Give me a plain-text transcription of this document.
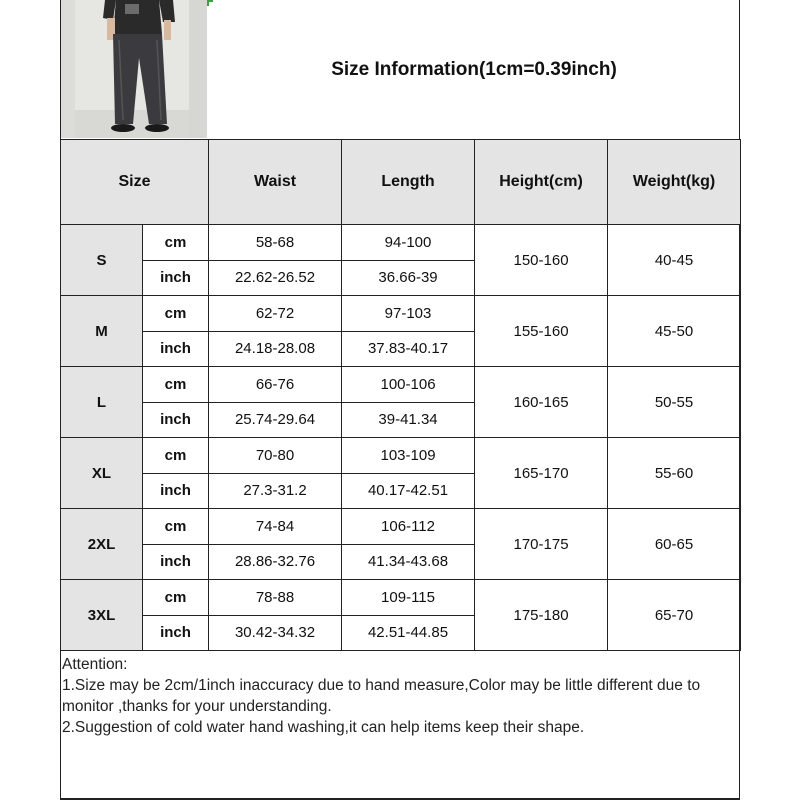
Size Information(1cm=0.39inch)
Size		Waist	Length	Height(cm)	Weight(kg)
S	cm	58-68	94-100	150-160	40-45
	inch	22.62-26.52	36.66-39		
M	cm	62-72	97-103	155-160	45-50
	inch	24.18-28.08	37.83-40.17		
L	cm	66-76	100-106	160-165	50-55
	inch	25.74-29.64	39-41.34		
XL	cm	70-80	103-109	165-170	55-60
	inch	27.3-31.2	40.17-42.51		
2XL	cm	74-84	106-112	170-175	60-65
	inch	28.86-32.76	41.34-43.68		
3XL	cm	78-88	109-115	175-180	65-70
	inch	30.42-34.32	42.51-44.85		
Attention:
1.Size may be 2cm/1inch inaccuracy due to hand measure,Color may be little different due to monitor ,thanks for your understanding.
2.Suggestion of cold water hand washing,it can help items keep their shape.
